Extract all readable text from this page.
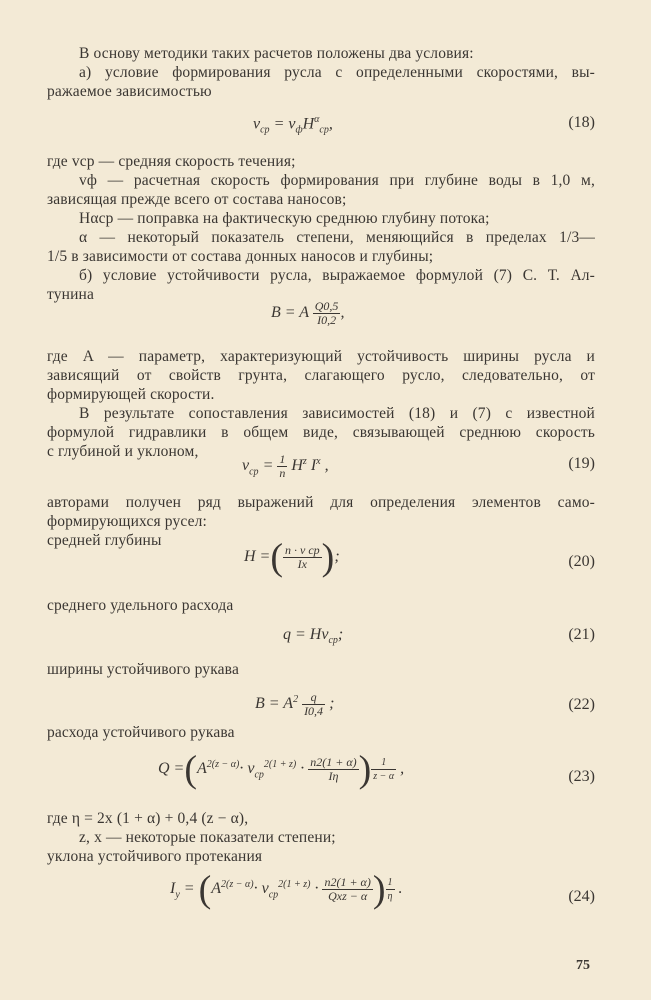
В основу методики таких расчетов положены два условия:
а) условие формирования русла с определенными скоростями, вы-
ражаемое зависимостью
$v_{ср} = v_фH^\alpha_{ср}$,	(18)
где vср — средняя скорость течения;
vф — расчетная скорость формирования при глубине воды в 1,0 м,
зависящая прежде всего от состава наносов;
Hαср — поправка на фактическую среднюю глубину потока;
α — некоторый показатель степени, меняющийся в пределах 1/3—
1/5 в зависимости от состава донных наносов и глубины;
б) условие устойчивости русла, выражаемое формулой (7) С. Т. Ал-
тунина
B = A $\frac{Q0,5}{I0,2}$ ,
где A — параметр, характеризующий устойчивость ширины русла и
зависящий от свойств грунта, слагающего русло, следовательно, от
формирующей скорости.
В результате сопоставления зависимостей (18) и (7) с известной
формулой гидравлики в общем виде, связывающей среднюю скорость
с глубиной и уклоном,
$v_{ср} = \frac{1}{n} H^z$ $I^x$ ,	(19)
авторами получен ряд выражений для определения элементов само-
формирующихся русел:
средней глубины
H =( $\frac{\text{n · v ср}}{Ix}$ );	(20)
среднего удельного расхода
$q = Hv_{ср}$;	(21)
ширины устойчивого рукава
$B = A^2 \frac{q}{I0,4}$ ;	(22)
расхода устойчивого рукава
$Q =(A^{2(z - \alpha)}\cdot v_{ср}^{2(1 + z)} \cdot \frac{n2(1 + \alpha)}{I\eta}$ ) $\frac{1}{z - \alpha}$ ,	(23)
где η = 2x (1 + α) + 0,4 (z − α),
z, x — некоторые показатели степени;
уклона устойчивого протекания
$I_у = (A^{2(z - \alpha)}\cdot v_{ср}^{2(1 + z)} \cdot \frac{n2(1 + \alpha)}{\text{Qxz − α}}$ ) $\frac{1}{\eta}$ .	(24)
75
